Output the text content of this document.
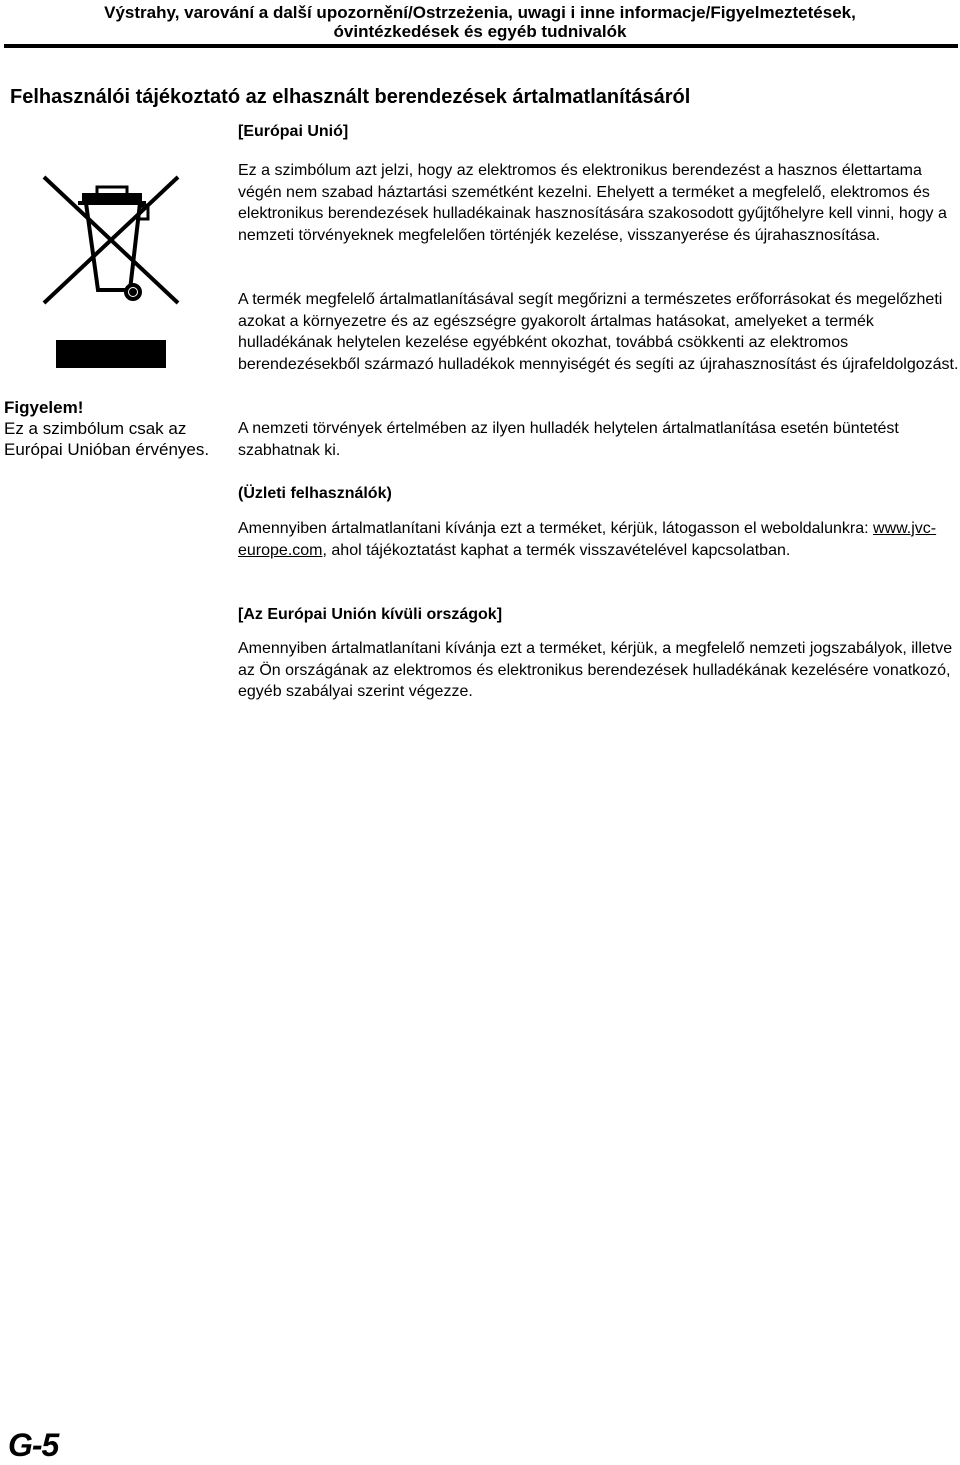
Výstrahy, varování a další upozornění/Ostrzeżenia, uwagi i inne informacje/Figyelmeztetések,
óvintézkedések és egyéb tudnivalók
Felhasználói tájékoztató az elhasznált berendezések ártalmatlanításáról
[Európai Unió]
Figyelem!
Ez a szimbólum csak az Európai Unióban érvényes.

Ez a szimbólum azt jelzi, hogy az elektromos és elektronikus berendezést a hasznos élettartama végén nem szabad háztartási szemétként kezelni. Ehelyett a terméket a megfelelő, elektromos és elektronikus berendezések hulladékainak hasznosítására szakosodott gyűjtőhelyre kell vinni, hogy a nemzeti törvényeknek megfelelően történjék kezelése, visszanyerése és újrahasznosítása.

A termék megfelelő ártalmatlanításával segít megőrizni a természetes erőforrásokat és megelőzheti azokat a környezetre és az egészségre gyakorolt ártalmas hatásokat, amelyeket a termék hulladékának helytelen kezelése egyébként okozhat, továbbá csökkenti az elektromos berendezésekből származó hulladékok mennyiségét és segíti az újrahasznosítást és újrafeldolgozást.

A nemzeti törvények értelmében az ilyen hulladék helytelen ártalmatlanítása esetén büntetést szabhatnak ki.

(Üzleti felhasználók)

Amennyiben ártalmatlanítani kívánja ezt a terméket, kérjük, látogasson el weboldalunkra: www.jvc-europe.com, ahol tájékoztatást kaphat a termék visszavételével kapcsolatban.

[Az Európai Unión kívüli országok]

Amennyiben ártalmatlanítani kívánja ezt a terméket, kérjük, a megfelelő nemzeti jogszabályok, illetve az Ön országának az elektromos és elektronikus berendezések hulladékának kezelésére vonatkozó, egyéb szabályai szerint végezze.

G-5
